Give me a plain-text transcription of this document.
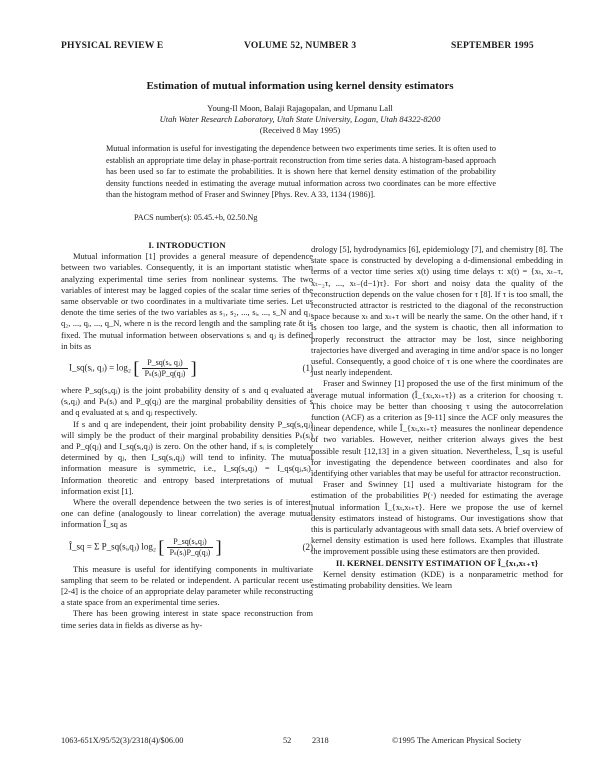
PHYSICAL REVIEW E	VOLUME 52, NUMBER 3	SEPTEMBER 1995
Estimation of mutual information using kernel density estimators
Young-Il Moon, Balaji Rajagopalan, and Upmanu Lall
Utah Water Research Laboratory, Utah State University, Logan, Utah 84322-8200
(Received 8 May 1995)
Mutual information is useful for investigating the dependence between two experiments time series. It is often used to establish an appropriate time delay in phase-portrait reconstruction from time series data. A histogram-based approach has been used so far to estimate the probabilities. It is shown here that kernel density estimation of the probability density functions needed in estimating the average mutual information across two coordinates can be more effective than the histogram method of Fraser and Swinney [Phys. Rev. A 33, 1134 (1986)].
PACS number(s): 05.45.+b, 02.50.Ng

I. INTRODUCTION

Mutual information [1] provides a general measure of dependence between two variables. Consequently, it is an important statistic when analyzing experimental time series from nonlinear systems. The two variables of interest may be lagged copies of the scalar time series of the same observable or two coordinates in a multivariate time series. Let us denote the time series of the two variables as s₁, s₂, ..., sᵢ, ..., s_N and q₁, q₂, ..., qᵢ, ..., q_N, where n is the record length and the sampling rate δt is fixed. The mutual information between observations sᵢ and qⱼ is defined in bits as

I_sq(sᵢ, qⱼ) = log₂ [ $\frac{\text{P\_sq(sᵢ, qⱼ)}}{\text{Pₛ(sᵢ)P\_q(qⱼ)}}$ ]	(1)

where P_sq(sᵢ,qⱼ) is the joint probability density of s and q evaluated at (sᵢ,qⱼ) and Pₛ(sᵢ) and P_q(qⱼ) are the marginal probability densities of s and q evaluated at sᵢ and qⱼ respectively.

If s and q are independent, their joint probability density P_sq(sᵢ,qⱼ) will simply be the product of their marginal probability densities Pₛ(sᵢ) and P_q(qⱼ) and I_sq(sᵢ,qⱼ) is zero. On the other hand, if sᵢ is completely determined by qⱼ, then I_sq(sᵢ,qⱼ) will tend to infinity. The mutual information measure is symmetric, i.e., I_sq(sᵢ,qⱼ) = I_qs(qⱼ,sᵢ). Information theoretic and entropy based interpretations of mutual information exist [1].

Where the overall dependence between the two series is of interest, one can define (analogously to linear correlation) the average mutual information Î_sq as

Î_sq = Σ P_sq(sᵢ,qⱼ) log₂ [ $\frac{\text{P\_sq(sᵢ,qⱼ)}}{\text{Pₛ(sᵢ)P\_q(qⱼ)}}$ ]	(2)

This measure is useful for identifying components in multivariate sampling that seem to be related or independent. A particular recent use [2-4] is the choice of an appropriate delay parameter while reconstructing a state space from an experimental time series.

There has been growing interest in state space reconstruction from time series data in fields as diverse as hy-

drology [5], hydrodynamics [6], epidemiology [7], and chemistry [8]. The state space is constructed by developing a d-dimensional embedding in terms of a vector time series x(t) using time delays τ: x(t) = {xₜ, xₜ₋τ, xₜ₋₂τ, ..., xₜ₋(d−1)τ}. For short and noisy data the quality of the reconstruction depends on the value chosen for τ [8]. If τ is too small, the reconstructed attractor is restricted to the diagonal of the reconstruction space because xₜ and xₜ₊τ will be nearly the same. On the other hand, if τ is chosen too large, and the system is chaotic, then all information to properly reconstruct the attractor may be lost, since neighboring trajectories have diverged and averaging in time and/or space is no longer useful. Consequently, a good choice of τ is one where the coordinates are just nearly independent.

Fraser and Swinney [1] proposed the use of the first minimum of the average mutual information (Î_{xₜ,xₜ₊τ}) as a criterion for choosing τ. This choice may be better than choosing τ using the autocorrelation function (ACF) as a criterion as [9-11] since the ACF only measures the linear dependence, while Î_{xₜ,xₜ₊τ} measures the nonlinear dependence of two variables. However, neither criterion always gives the best possible result [12,13] in a given situation. Nevertheless, Î_sq is useful for investigating the dependence between coordinates and also for identifying other variables that may be useful for attractor reconstruction.

Fraser and Swinney [1] used a multivariate histogram for the estimation of the probabilities P(·) needed for estimating the average mutual information Î_{xₜ,xₜ₊τ}. Here we propose the use of kernel density estimators instead of histograms. Our investigations show that this is particularly advantageous with small data sets. A brief overview of kernel density estimation is used here follows. Examples that illustrate the improvement possible using these estimators are then provided.

II. KERNEL DENSITY ESTIMATION OF Î_{xₜ,xₜ₊τ}

Kernel density estimation (KDE) is a nonparametric method for estimating probability densities. We learn

1063-651X/95/52(3)/2318(4)/$06.00	52 2318	©1995 The American Physical Society
